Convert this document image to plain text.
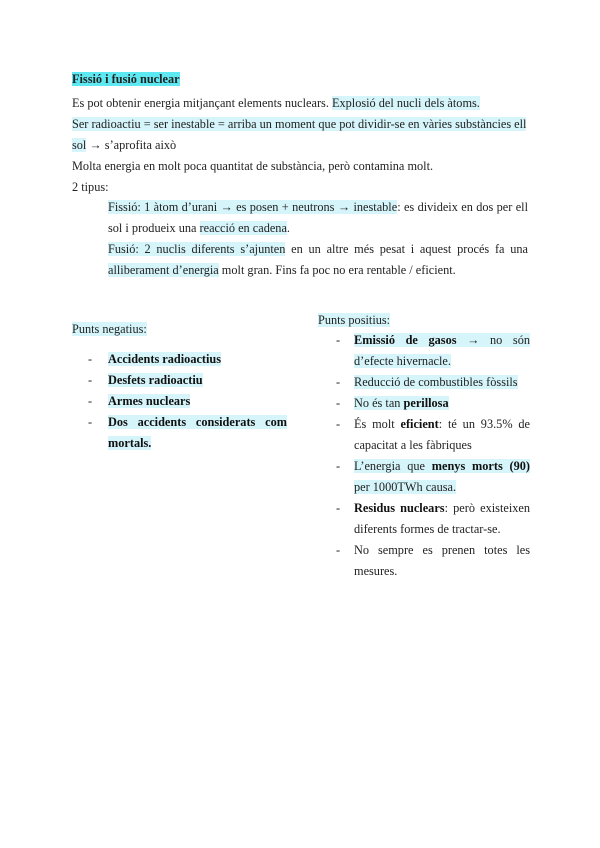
Fissió i fusió nuclear
Es pot obtenir energia mitjançant elements nuclears. Explosió del nucli dels àtoms.
Ser radioactiu = ser inestable = arriba un moment que pot dividir-se en vàries substàncies ell
sol → s’aprofita això
Molta energia en molt poca quantitat de substància, però contamina molt.
2 tipus:
Fissió: 1 àtom d’urani → es posen + neutrons → inestable: es divideix en dos per ell sol i produeix una reacció en cadena.
Fusió: 2 nuclis diferents s’ajunten en un altre més pesat i aquest procés fa una alliberament d’energia molt gran. Fins fa poc no era rentable / eficient.
Punts negatius:
- Accidents radioactius
- Desfets radioactiu
- Armes nuclears
- Dos accidents considerats com mortals.
Punts positius:
- Emissió de gasos → no són d’efecte hivernacle.
- Reducció de combustibles fòssils
- No és tan perillosa
- És molt eficient: té un 93.5% de capacitat a les fàbriques
- L’energia que menys morts (90) per 1000TWh causa.
- Residus nuclears: però existeixen diferents formes de tractar-se.
- No sempre es prenen totes les mesures.
